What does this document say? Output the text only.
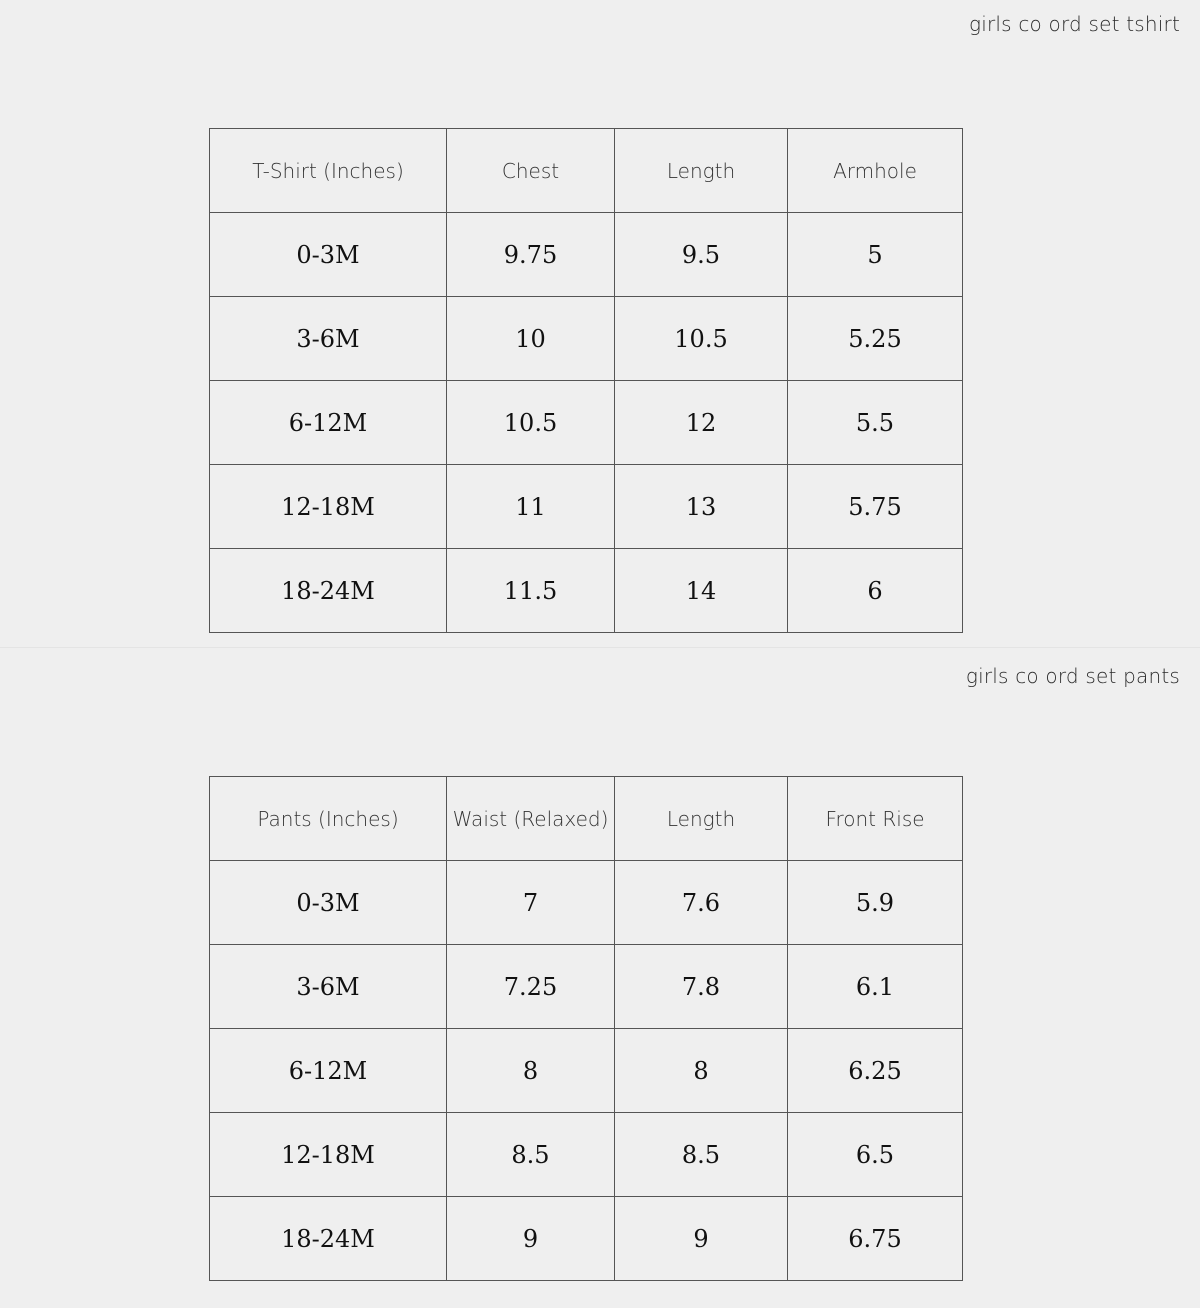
girls co ord set tshirt
T-Shirt (Inches)	Chest	Length	Armhole
0-3M	9.75	9.5	5
3-6M	10	10.5	5.25
6-12M	10.5	12	5.5
12-18M	11	13	5.75
18-24M	11.5	14	6
girls co ord set pants
Pants (Inches)	Waist (Relaxed)	Length	Front Rise
0-3M	7	7.6	5.9
3-6M	7.25	7.8	6.1
6-12M	8	8	6.25
12-18M	8.5	8.5	6.5
18-24M	9	9	6.75
